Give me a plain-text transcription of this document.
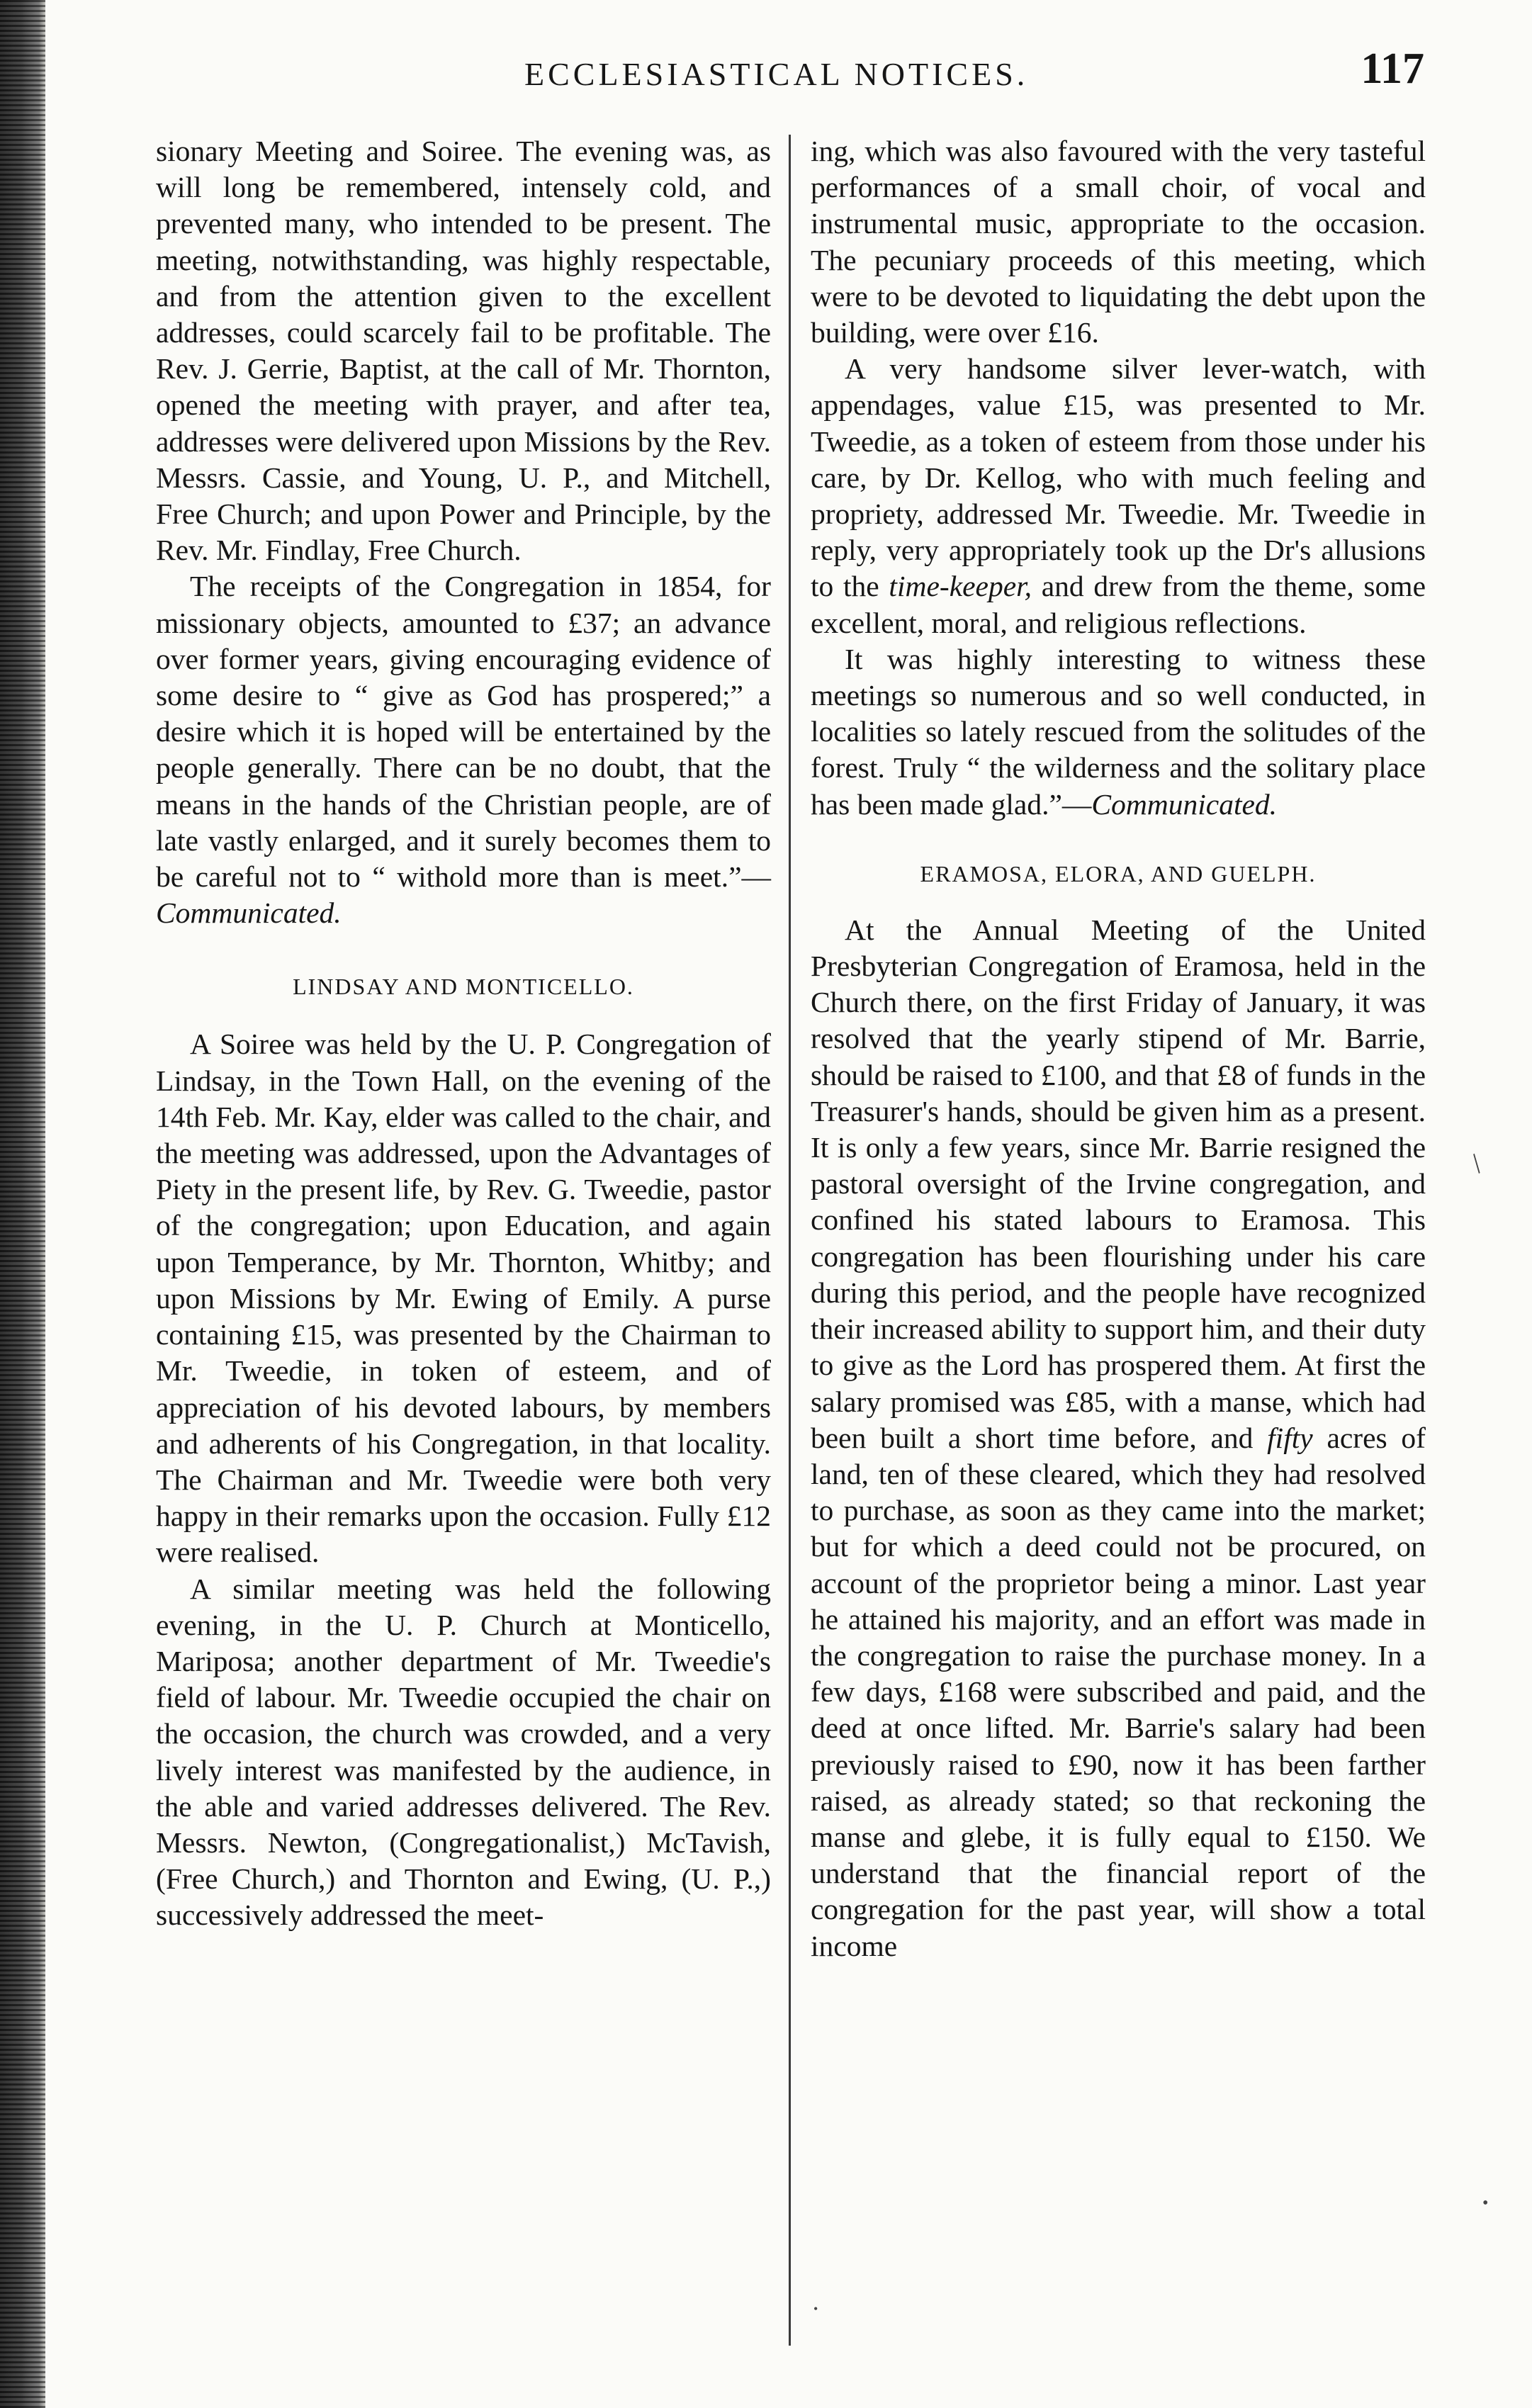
ECCLESIASTICAL NOTICES.	117

sionary Meeting and Soiree. The evening was, as will long be remembered, intensely cold, and prevented many, who intended to be present. The meeting, notwithstanding, was highly respectable, and from the attention given to the excellent addresses, could scarcely fail to be profitable. The Rev. J. Gerrie, Baptist, at the call of Mr. Thornton, opened the meeting with prayer, and after tea, addresses were delivered upon Missions by the Rev. Messrs. Cassie, and Young, U. P., and Mitchell, Free Church; and upon Power and Principle, by the Rev. Mr. Findlay, Free Church.

The receipts of the Congregation in 1854, for missionary objects, amounted to £37; an advance over former years, giving encouraging evidence of some desire to “ give as God has prospered;” a desire which it is hoped will be entertained by the people generally. There can be no doubt, that the means in the hands of the Christian people, are of late vastly enlarged, and it surely becomes them to be careful not to “ withold more than is meet.”—Communicated.

LINDSAY AND MONTICELLO.

A Soiree was held by the U. P. Congregation of Lindsay, in the Town Hall, on the evening of the 14th Feb. Mr. Kay, elder was called to the chair, and the meeting was addressed, upon the Advantages of Piety in the present life, by Rev. G. Tweedie, pastor of the congregation; upon Education, and again upon Temperance, by Mr. Thornton, Whitby; and upon Missions by Mr. Ewing of Emily. A purse containing £15, was presented by the Chairman to Mr. Tweedie, in token of esteem, and of appreciation of his devoted labours, by members and adherents of his Congregation, in that locality. The Chairman and Mr. Tweedie were both very happy in their remarks upon the occasion. Fully £12 were realised.

A similar meeting was held the following evening, in the U. P. Church at Monticello, Mariposa; another department of Mr. Tweedie's field of labour. Mr. Tweedie occupied the chair on the occasion, the church was crowded, and a very lively interest was manifested by the audience, in the able and varied addresses delivered. The Rev. Messrs. Newton, (Congregationalist,) McTavish, (Free Church,) and Thornton and Ewing, (U. P.,) successively addressed the meet-

ing, which was also favoured with the very tasteful performances of a small choir, of vocal and instrumental music, appropriate to the occasion. The pecuniary proceeds of this meeting, which were to be devoted to liquidating the debt upon the building, were over £16.

A very handsome silver lever-watch, with appendages, value £15, was presented to Mr. Tweedie, as a token of esteem from those under his care, by Dr. Kellog, who with much feeling and propriety, addressed Mr. Tweedie. Mr. Tweedie in reply, very appropriately took up the Dr's allusions to the time-keeper, and drew from the theme, some excellent, moral, and religious reflections.

It was highly interesting to witness these meetings so numerous and so well conducted, in localities so lately rescued from the solitudes of the forest. Truly “ the wilderness and the solitary place has been made glad.”—Communicated.

ERAMOSA, ELORA, AND GUELPH.

At the Annual Meeting of the United Presbyterian Congregation of Eramosa, held in the Church there, on the first Friday of January, it was resolved that the yearly stipend of Mr. Barrie, should be raised to £100, and that £8 of funds in the Treasurer's hands, should be given him as a present. It is only a few years, since Mr. Barrie resigned the pastoral oversight of the Irvine congregation, and confined his stated labours to Eramosa. This congregation has been flourishing under his care during this period, and the people have recognized their increased ability to support him, and their duty to give as the Lord has prospered them. At first the salary promised was £85, with a manse, which had been built a short time before, and fifty acres of land, ten of these cleared, which they had resolved to purchase, as soon as they came into the market; but for which a deed could not be procured, on account of the proprietor being a minor. Last year he attained his majority, and an effort was made in the congregation to raise the purchase money. In a few days, £168 were subscribed and paid, and the deed at once lifted. Mr. Barrie's salary had been previously raised to £90, now it has been farther raised, as already stated; so that reckoning the manse and glebe, it is fully equal to £150. We understand that the financial report of the congregation for the past year, will show a total income

/
•
•
